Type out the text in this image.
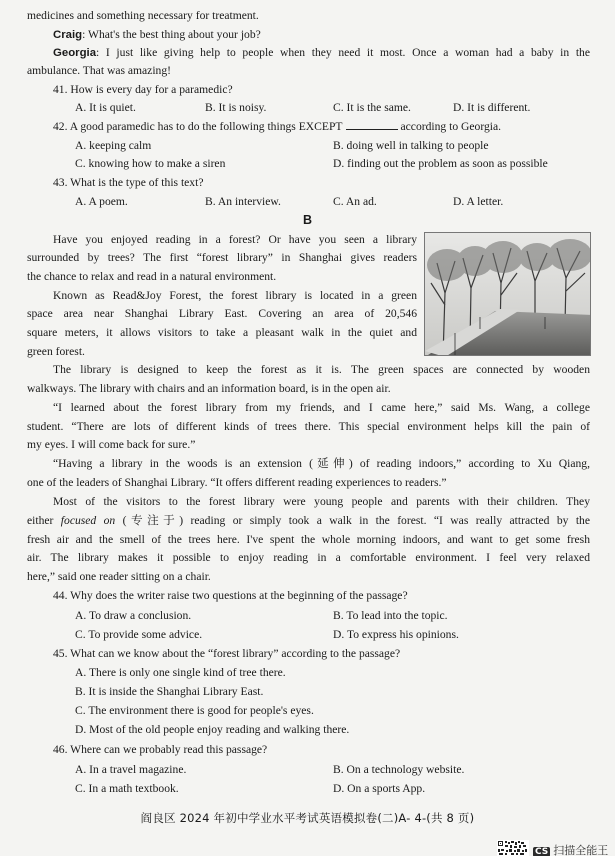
medicines and something necessary for treatment.
Craig: What's the best thing about your job?
Georgia: I just like giving help to people when they need it most. Once a woman had a baby in the
ambulance. That was amazing!
41. How is every day for a paramedic?
A. It is quiet.	B. It is noisy.	C. It is the same.	D. It is different.
42. A good paramedic has to do the following things EXCEPT	according to Georgia.
A. keeping calm	B. doing well in talking to people
C. knowing how to make a siren	D. finding out the problem as soon as possible
43. What is the type of this text?
A. A poem.	B. An interview.	C. An ad.	D. A letter.
B
Have you enjoyed reading in a forest? Or have you seen a library
surrounded by trees? The first “forest library” in Shanghai gives readers
the chance to relax and read in a natural environment.
Known as Read&Joy Forest, the forest library is located in a green
space area near Shanghai Library East. Covering an area of 20,546
square meters, it allows visitors to take a pleasant walk in the quiet and
green forest.
The library is designed to keep the forest as it is. The green spaces are connected by wooden
walkways. The library with chairs and an information board, is in the open air.
“I learned about the forest library from my friends, and I came here,” said Ms. Wang, a college
student. “There are lots of different kinds of trees there. This special environment helps kill the pain of
my eyes. I will come back for sure.”
“Having a library in the woods is an extension (延伸) of reading indoors,” according to Xu Qiang,
one of the leaders of Shanghai Library. “It offers different reading experiences to readers.”
Most of the visitors to the forest library were young people and parents with their children. They
either focused on (专注于) reading or simply took a walk in the forest. “I was really attracted by the
fresh air and the smell of the trees here. I've spent the whole morning indoors, and want to get some fresh
air. The library makes it possible to enjoy reading in a comfortable environment. I feel very relaxed
here,” said one reader sitting on a chair.
44. Why does the writer raise two questions at the beginning of the passage?
A. To draw a conclusion.	B. To lead into the topic.
C. To provide some advice.	D. To express his opinions.
45. What can we know about the “forest library” according to the passage?
A. There is only one single kind of tree there.
B. It is inside the Shanghai Library East.
C. The environment there is good for people's eyes.
D. Most of the old people enjoy reading and walking there.
46. Where can we probably read this passage?
A. In a travel magazine.	B. On a technology website.
C. In a math textbook.	D. On a sports App.
阎良区 2024 年初中学业水平考试英语模拟卷(二)A- 4-(共 8 页)
CS 扫描全能王
